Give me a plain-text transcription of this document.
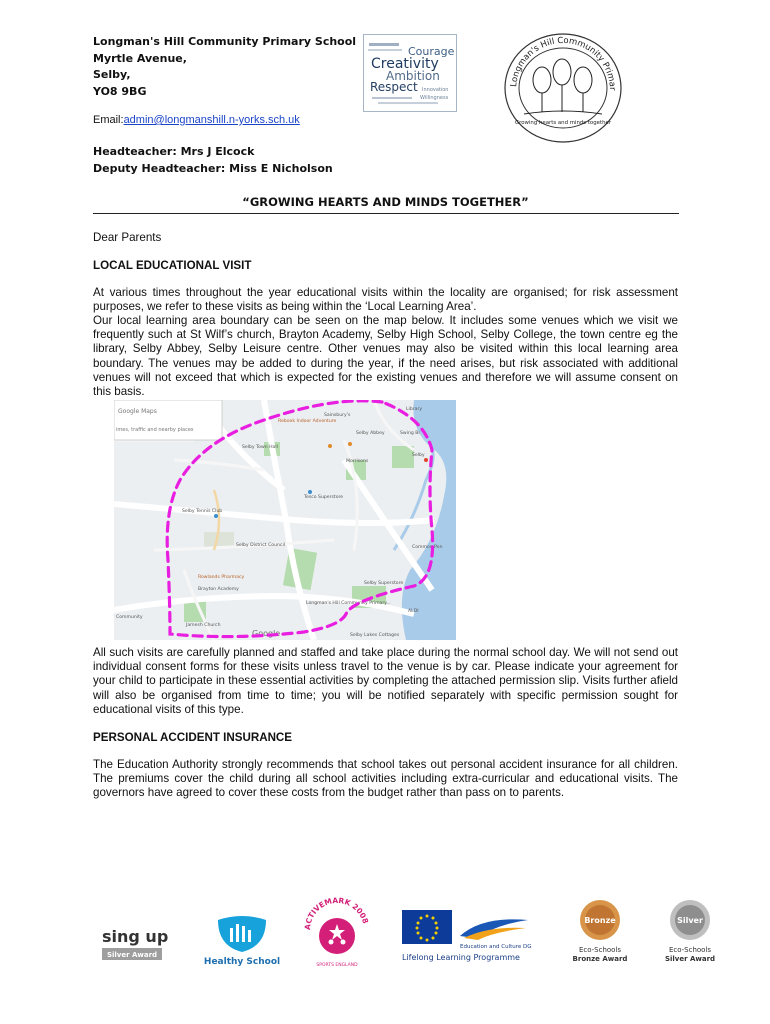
Longman's Hill Community Primary School
Myrtle Avenue,
Selby,
YO8 9BG
Email:admin@longmanshill.n-yorks.sch.uk
Headteacher: Mrs J Elcock
Deputy Headteacher: Miss E Nicholson
Courage
Creativity
Ambition
Respect Innovation
Willingness
Longman's Hill Community Primar
Growing hearts and minds together
“GROWING HEARTS AND MINDS TOGETHER”
Dear Parents
LOCAL EDUCATIONAL VISIT
At various times throughout the year educational visits within the locality are organised; for risk assessment purposes, we refer to these visits as being within the ‘Local Learning Area’.
Our local learning area boundary can be seen on the map below. It includes some venues which we visit we frequently such at St Wilf’s church, Brayton Academy, Selby High School, Selby College, the town centre eg the library, Selby Abbey, Selby Leisure centre. Other venues may also be visited within this local learning area boundary. The venues may be added to during the year, if the need arises, but risk associated with additional venues will not exceed that which is expected for the existing venues and therefore we will assume consent on this basis.
Google Maps
imes, traffic and nearby places
Library
Rebook Indoor Adventure
Sainsbury's
Selby Abbey	Swing Br
Selby Town Hall
Morrisons
Selby
Tesco Superstore
Selby Tennis Club
Selby District Council
Rowlands Pharmacy
Brayton Academy
Longman's Hill Community Primary...
Common Pon
Selby Superstore
ALDI
Community
Jamesh Church
Selby Lakes Cottages
Google
All such visits are carefully planned and staffed and take place during the normal school day. We will not send out individual consent forms for these visits unless travel to the venue is by car. Please indicate your agreement for your child to participate in these essential activities by completing the attached permission slip. Visits further afield will also be organised from time to time; you will be notified separately with specific permission sought for educational visits of this type.
PERSONAL ACCIDENT INSURANCE
The Education Authority strongly recommends that school takes out personal accident insurance for all children. The premiums cover the child during all school activities including extra-curricular and educational visits. The governors have agreed to cover these costs from the budget rather than pass on to parents.
sing up
Silver Award
Healthy School
ACTIVEMARK 2008
SPORTS ENGLAND
Education and Culture DG
Lifelong Learning Programme
Bronze
Eco-Schools
Bronze Award
Silver
Eco-Schools
Silver Award
